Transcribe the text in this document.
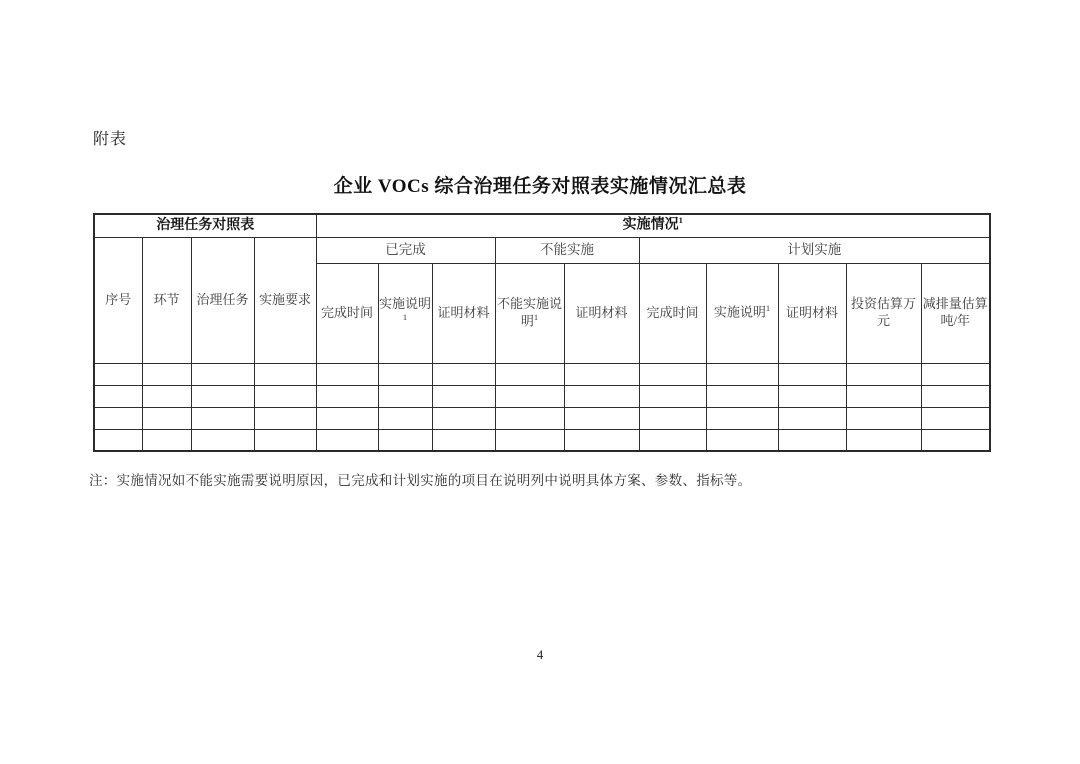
附表
企业 VOCs 综合治理任务对照表实施情况汇总表
治理任务对照表				实施情况$^1$
序号	环节	治理任务	实施要求	已完成			不能实施		计划实施				
				完成时间	实施说明$^1$	证明材料	不能实施说明$^1$	证明材料	完成时间	实施说明$^1$	证明材料	投资估算万元	减排量估算吨/年

注：实施情况如不能实施需要说明原因，已完成和计划实施的项目在说明列中说明具体方案、参数、指标等。
4
